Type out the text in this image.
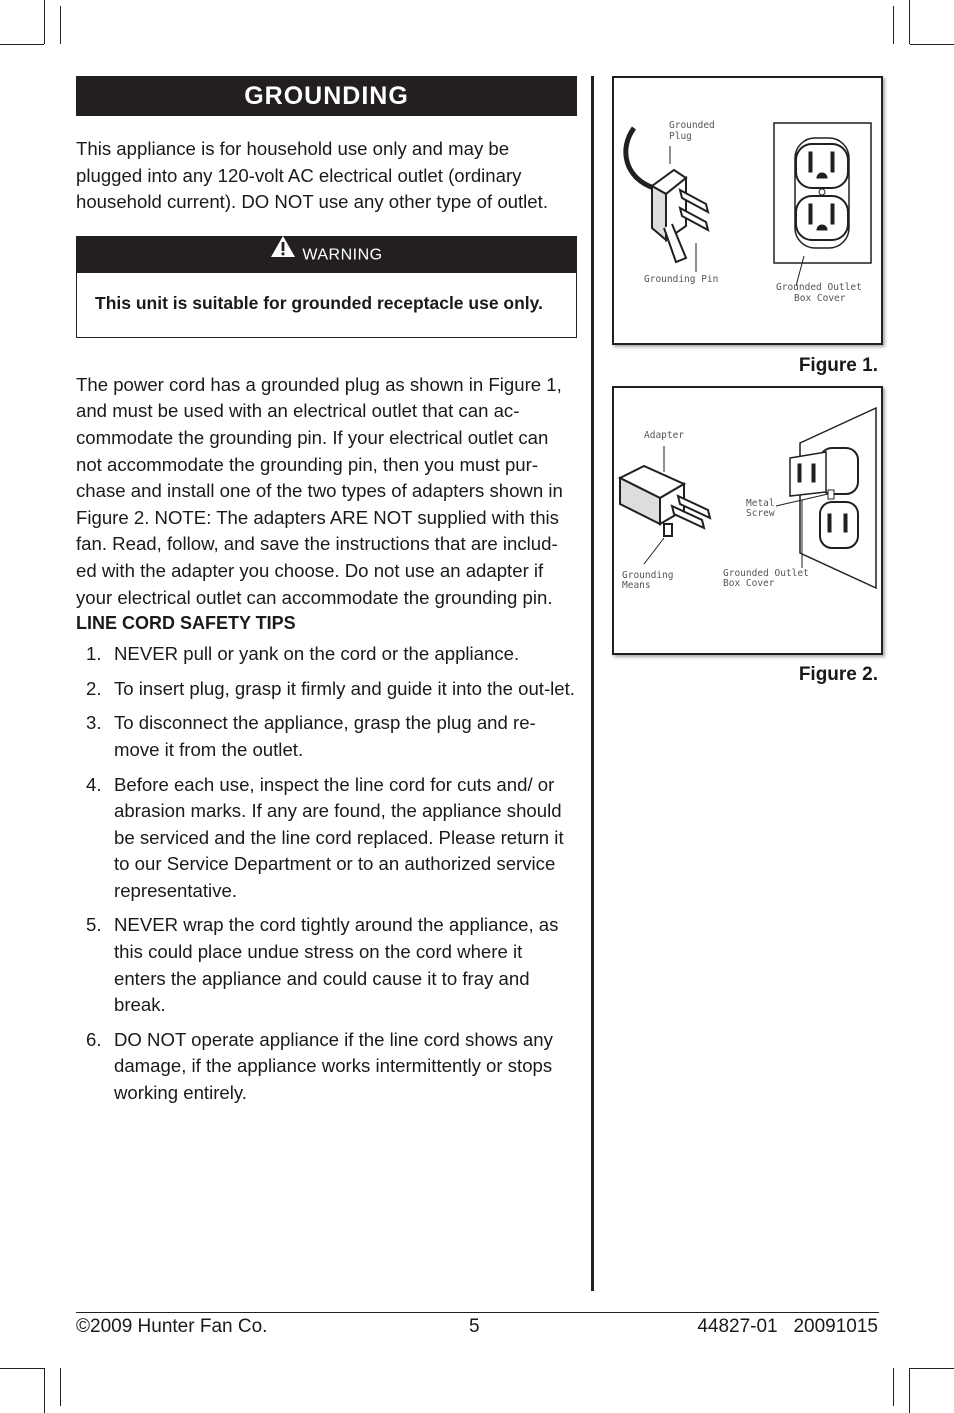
GROUNDING

This appliance is for household use only and may be plugged into any 120-volt AC electrical outlet (ordinary household current). DO NOT use any other type of outlet.

WARNING
This unit is suitable for grounded receptacle use only.

The power cord has a grounded plug as shown in Figure 1, and must be used with an electrical outlet that can ac-commodate the grounding pin. If your electrical outlet can not accommodate the grounding pin, then you must pur-chase and install one of the two types of adapters shown in Figure 2. NOTE: The adapters ARE NOT supplied with this fan. Read, follow, and save the instructions that are includ-ed with the adapter you choose. Do not use an adapter if your electrical outlet can accommodate the grounding pin.

LINE CORD SAFETY TIPS

1. NEVER pull or yank on the cord or the appliance.
2. To insert plug, grasp it firmly and guide it into the out-let.
3. To disconnect the appliance, grasp the plug and re-move it from the outlet.
4. Before each use, inspect the line cord for cuts and/ or abrasion marks. If any are found, the appliance should be serviced and the line cord replaced. Please return it to our Service Department or to an authorized service representative.
5. NEVER wrap the cord tightly around the appliance, as this could place undue stress on the cord where it enters the appliance and could cause it to fray and break.
6. DO NOT operate appliance if the line cord shows any damage, if the appliance works intermittently or stops working entirely.
Grounded
Plug
Grounding Pin
Grounded Outlet
Box Cover
Figure 1.
Adapter
Grounding
Means
Metal
Screw
Grounded Outlet
Box Cover
Figure 2.
©2009 Hunter Fan Co.	5	44827-01   20091015
